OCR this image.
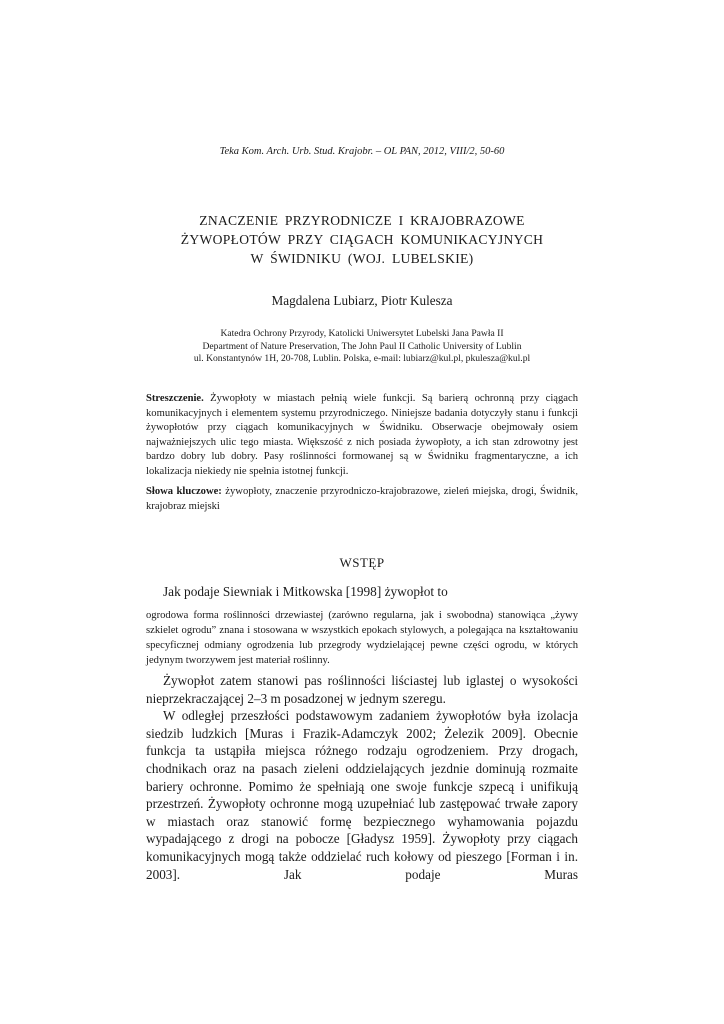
Teka Kom. Arch. Urb. Stud. Krajobr. – OL PAN, 2012, VIII/2, 50-60
ZNACZENIE PRZYRODNICZE I KRAJOBRAZOWE
ŻYWOPŁOTÓW PRZY CIĄGACH KOMUNIKACYJNYCH
W ŚWIDNIKU (WOJ. LUBELSKIE)
Magdalena Lubiarz, Piotr Kulesza
Katedra Ochrony Przyrody, Katolicki Uniwersytet Lubelski Jana Pawła II
Department of Nature Preservation, The John Paul II Catholic University of Lublin
ul. Konstantynów 1H, 20-708, Lublin. Polska, e-mail: lubiarz@kul.pl, pkulesza@kul.pl
Streszczenie. Żywopłoty w miastach pełnią wiele funkcji. Są barierą ochronną przy ciągach komunikacyjnych i elementem systemu przyrodniczego. Niniejsze badania dotyczyły stanu i funkcji żywopłotów przy ciągach komunikacyjnych w Świdniku. Obserwacje obejmowały osiem najważniejszych ulic tego miasta. Większość z nich posiada żywopłoty, a ich stan zdrowotny jest bardzo dobry lub dobry. Pasy roślinności formowanej są w Świdniku fragmentaryczne, a ich lokalizacja niekiedy nie spełnia istotnej funkcji.
Słowa kluczowe: żywopłoty, znaczenie przyrodniczo-krajobrazowe, zieleń miejska, drogi, Świdnik, krajobraz miejski
WSTĘP
Jak podaje Siewniak i Mitkowska [1998] żywopłot to
ogrodowa forma roślinności drzewiastej (zarówno regularna, jak i swobodna) stanowiąca „żywy szkielet ogrodu” znana i stosowana w wszystkich epokach stylowych, a polegająca na kształtowaniu specyficznej odmiany ogrodzenia lub przegrody wydzielającej pewne części ogrodu, w których jedynym tworzywem jest materiał roślinny.

Żywopłot zatem stanowi pas roślinności liściastej lub iglastej o wysokości nieprzekraczającej 2–3 m posadzonej w jednym szeregu.

W odległej przeszłości podstawowym zadaniem żywopłotów była izolacja siedzib ludzkich [Muras i Frazik-Adamczyk 2002; Żelezik 2009]. Obecnie funkcja ta ustąpiła miejsca różnego rodzaju ogrodzeniem. Przy drogach, chodnikach oraz na pasach zieleni oddzielających jezdnie dominują rozmaite bariery ochronne. Pomimo że spełniają one swoje funkcje szpecą i unifikują przestrzeń. Żywopłoty ochronne mogą uzupełniać lub zastępować trwałe zapory w miastach oraz stanowić formę bezpiecznego wyhamowania pojazdu wypadającego z drogi na pobocze [Gładysz 1959]. Żywopłoty przy ciągach komunikacyjnych mogą także oddzielać ruch kołowy od pieszego [Forman i in. 2003]. Jak podaje Muras
